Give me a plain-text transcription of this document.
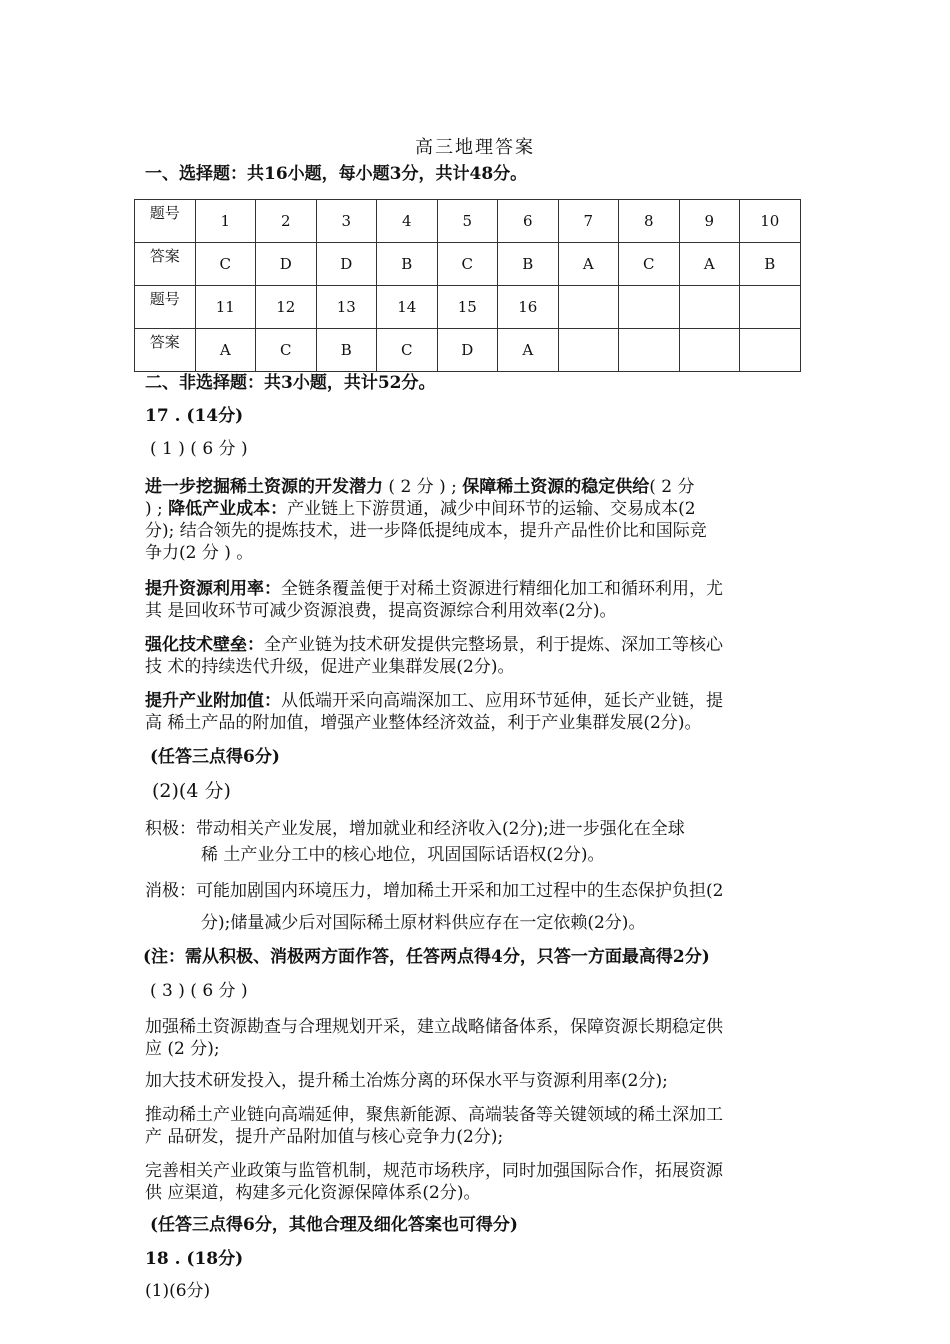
高三地理答案
一、选择题：共16小题，每小题3分，共计48分。
题号	1	2	3	4	5	6	7	8	9	10
答案	C	D	D	B	C	B	A	C	A	B
题号	11	12	13	14	15	16				
答案	A	C	B	C	D	A				
二、非选择题：共3小题，共计52分。
17 . (14分)
( 1 ) ( 6 分 )
进一步挖掘稀土资源的开发潜力 ( 2 分 ) ; 保障稀土资源的稳定供给( 2 分
) ; 降低产业成本：产业链上下游贯通，减少中间环节的运输、交易成本(2
分); 结合领先的提炼技术，进一步降低提纯成本，提升产品性价比和国际竞
争力(2 分 ) 。
提升资源利用率：全链条覆盖便于对稀土资源进行精细化加工和循环利用，尤
其 是回收环节可减少资源浪费，提高资源综合利用效率(2分)。
强化技术壁垒：全产业链为技术研发提供完整场景，利于提炼、深加工等核心
技 术的持续迭代升级，促进产业集群发展(2分)。
提升产业附加值：从低端开采向高端深加工、应用环节延伸，延长产业链，提
高 稀土产品的附加值，增强产业整体经济效益，利于产业集群发展(2分)。
(任答三点得6分)
(2)(4 分)
积极：带动相关产业发展，增加就业和经济收入(2分);进一步强化在全球
稀 土产业分工中的核心地位，巩固国际话语权(2分)。
消极：可能加剧国内环境压力，增加稀土开采和加工过程中的生态保护负担(2
分);储量减少后对国际稀土原材料供应存在一定依赖(2分)。
(注：需从积极、消极两方面作答，任答两点得4分，只答一方面最高得2分)
( 3 ) ( 6 分 )
加强稀土资源勘查与合理规划开采，建立战略储备体系，保障资源长期稳定供
应 (2 分);
加大技术研发投入，提升稀土冶炼分离的环保水平与资源利用率(2分);
推动稀土产业链向高端延伸，聚焦新能源、高端装备等关键领域的稀土深加工
产 品研发，提升产品附加值与核心竞争力(2分);
完善相关产业政策与监管机制，规范市场秩序，同时加强国际合作，拓展资源
供 应渠道，构建多元化资源保障体系(2分)。
(任答三点得6分，其他合理及细化答案也可得分)
18 . (18分)
(1)(6分)
